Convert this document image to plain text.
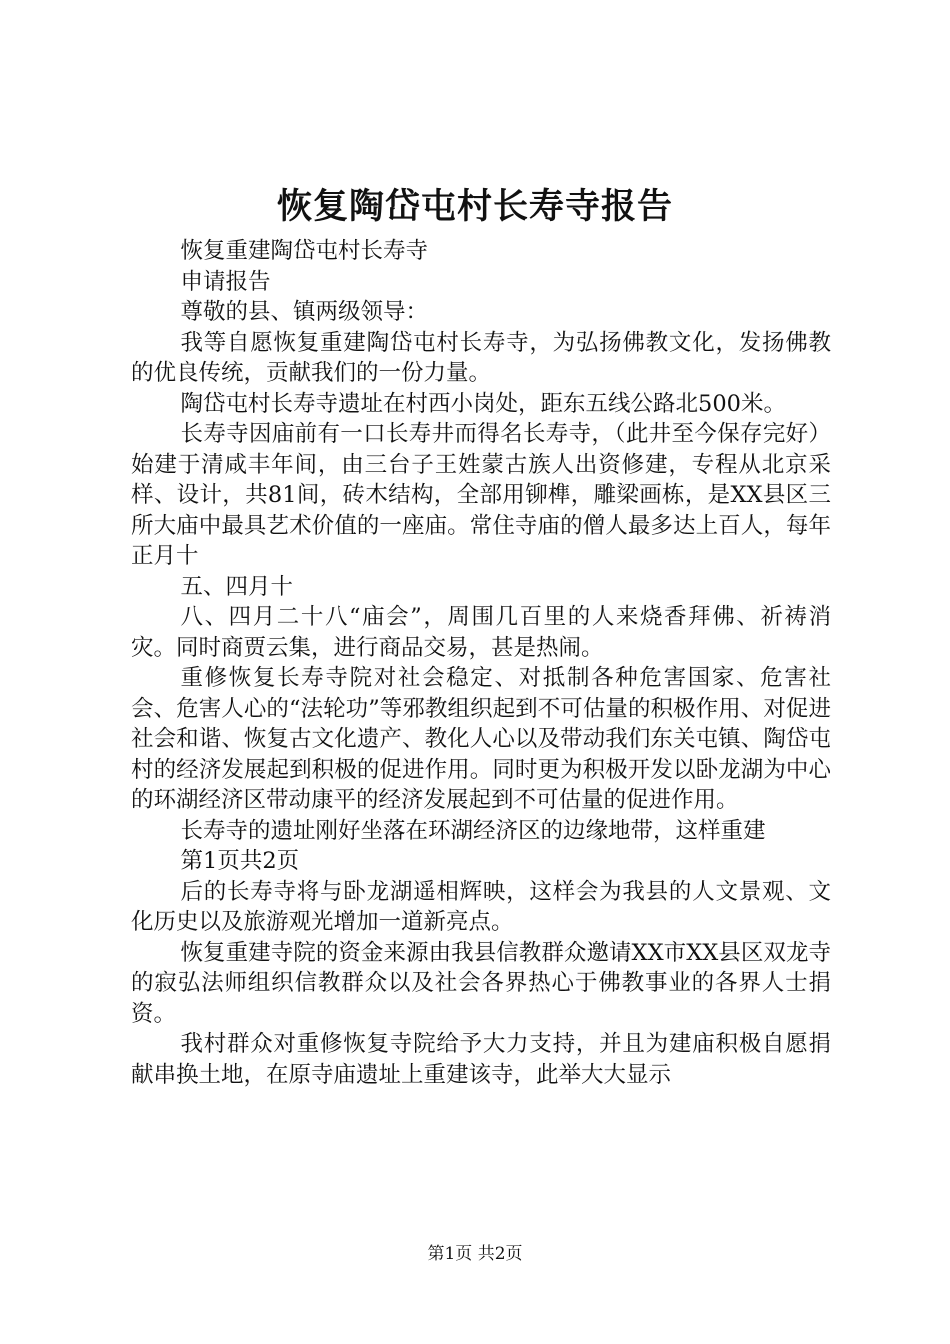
恢复陶岱屯村长寿寺报告

恢复重建陶岱屯村长寿寺

申请报告

尊敬的县、镇两级领导：

我等自愿恢复重建陶岱屯村长寿寺，为弘扬佛教文化，发扬佛教的优良传统，贡献我们的一份力量。

陶岱屯村长寿寺遗址在村西小岗处，距东五线公路北500米。

长寿寺因庙前有一口长寿井而得名长寿寺，（此井至今保存完好）始建于清咸丰年间，由三台子王姓蒙古族人出资修建，专程从北京采样、设计，共81间，砖木结构，全部用铆榫，雕梁画栋，是XX县区三所大庙中最具艺术价值的一座庙。常住寺庙的僧人最多达上百人，每年正月十

五、四月十

八、四月二十八“庙会”，周围几百里的人来烧香拜佛、祈祷消灾。同时商贾云集，进行商品交易，甚是热闹。

重修恢复长寿寺院对社会稳定、对抵制各种危害国家、危害社会、危害人心的“法轮功”等邪教组织起到不可估量的积极作用、对促进社会和谐、恢复古文化遗产、教化人心以及带动我们东关屯镇、陶岱屯村的经济发展起到积极的促进作用。同时更为积极开发以卧龙湖为中心的环湖经济区带动康平的经济发展起到不可估量的促进作用。

长寿寺的遗址刚好坐落在环湖经济区的边缘地带，这样重建

第1页共2页

后的长寿寺将与卧龙湖遥相辉映，这样会为我县的人文景观、文化历史以及旅游观光增加一道新亮点。

恢复重建寺院的资金来源由我县信教群众邀请XX市XX县区双龙寺的寂弘法师组织信教群众以及社会各界热心于佛教事业的各界人士捐资。

我村群众对重修恢复寺院给予大力支持，并且为建庙积极自愿捐献串换土地，在原寺庙遗址上重建该寺，此举大大显示

第1页 共2页
